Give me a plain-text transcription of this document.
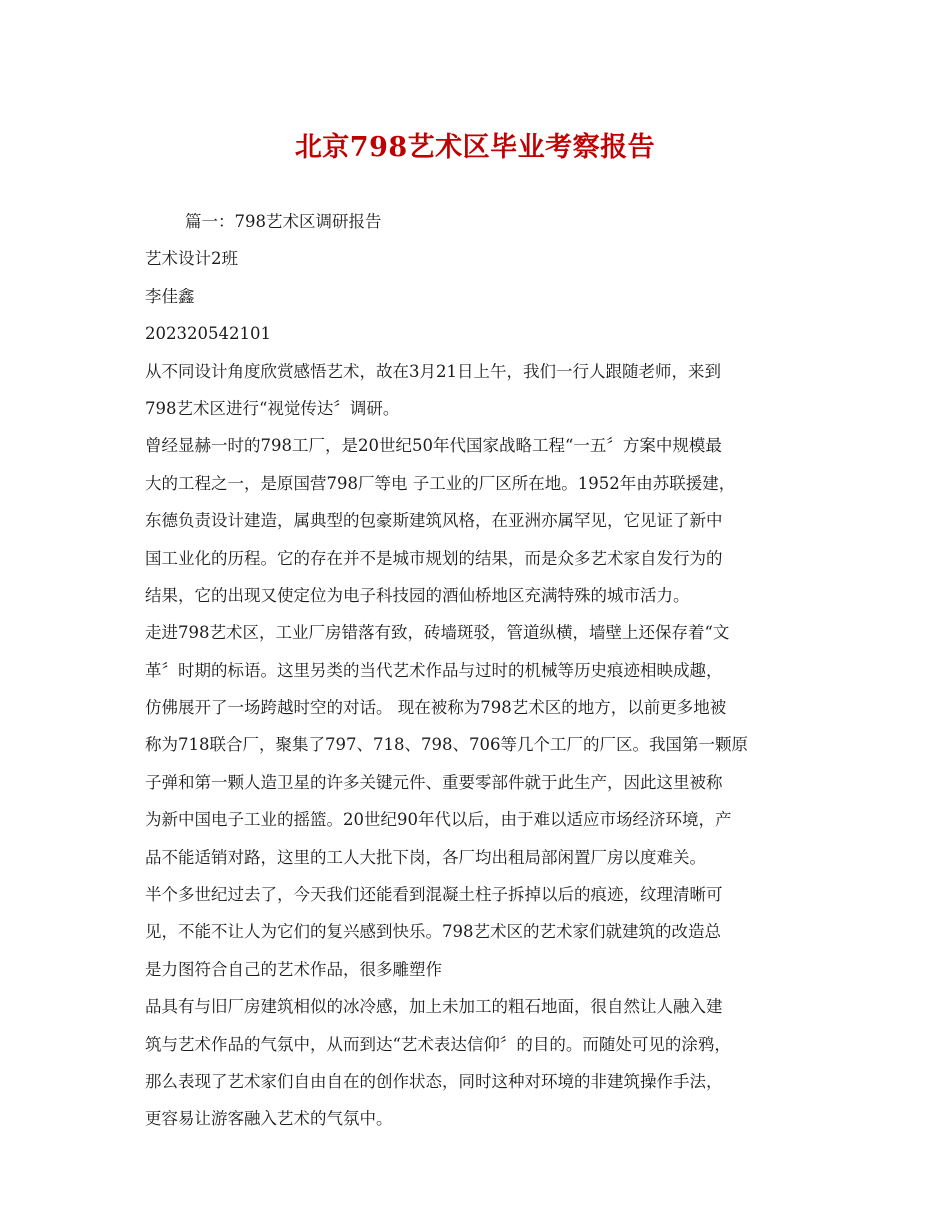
北京798艺术区毕业考察报告
篇一：798艺术区调研报告
艺术设计2班
李佳鑫
202320542101
从不同设计角度欣赏感悟艺术，故在3月21日上午，我们一行人跟随老师，来到
798艺术区进行“视觉传达〞调研。
曾经显赫一时的798工厂，是20世纪50年代国家战略工程“一五〞方案中规模最
大的工程之一，是原国营798厂等电 子工业的厂区所在地。1952年由苏联援建，
东德负责设计建造，属典型的包豪斯建筑风格，在亚洲亦属罕见，它见证了新中
国工业化的历程。它的存在并不是城市规划的结果，而是众多艺术家自发行为的
结果，它的出现又使定位为电子科技园的酒仙桥地区充满特殊的城市活力。
走进798艺术区，工业厂房错落有致，砖墙斑驳，管道纵横，墙壁上还保存着“文
革〞时期的标语。这里另类的当代艺术作品与过时的机械等历史痕迹相映成趣，
仿佛展开了一场跨越时空的对话。 现在被称为798艺术区的地方，以前更多地被
称为718联合厂，聚集了797、718、798、706等几个工厂的厂区。我国第一颗原
子弹和第一颗人造卫星的许多关键元件、重要零部件就于此生产，因此这里被称
为新中国电子工业的摇篮。20世纪90年代以后，由于难以适应市场经济环境，产
品不能适销对路，这里的工人大批下岗，各厂均出租局部闲置厂房以度难关。
半个多世纪过去了，今天我们还能看到混凝土柱子拆掉以后的痕迹，纹理清晰可
见，不能不让人为它们的复兴感到快乐。798艺术区的艺术家们就建筑的改造总
是力图符合自己的艺术作品，很多雕塑作
品具有与旧厂房建筑相似的冰冷感，加上未加工的粗石地面，很自然让人融入建
筑与艺术作品的气氛中，从而到达“艺术表达信仰〞的目的。而随处可见的涂鸦，
那么表现了艺术家们自由自在的创作状态，同时这种对环境的非建筑操作手法，
更容易让游客融入艺术的气氛中。
